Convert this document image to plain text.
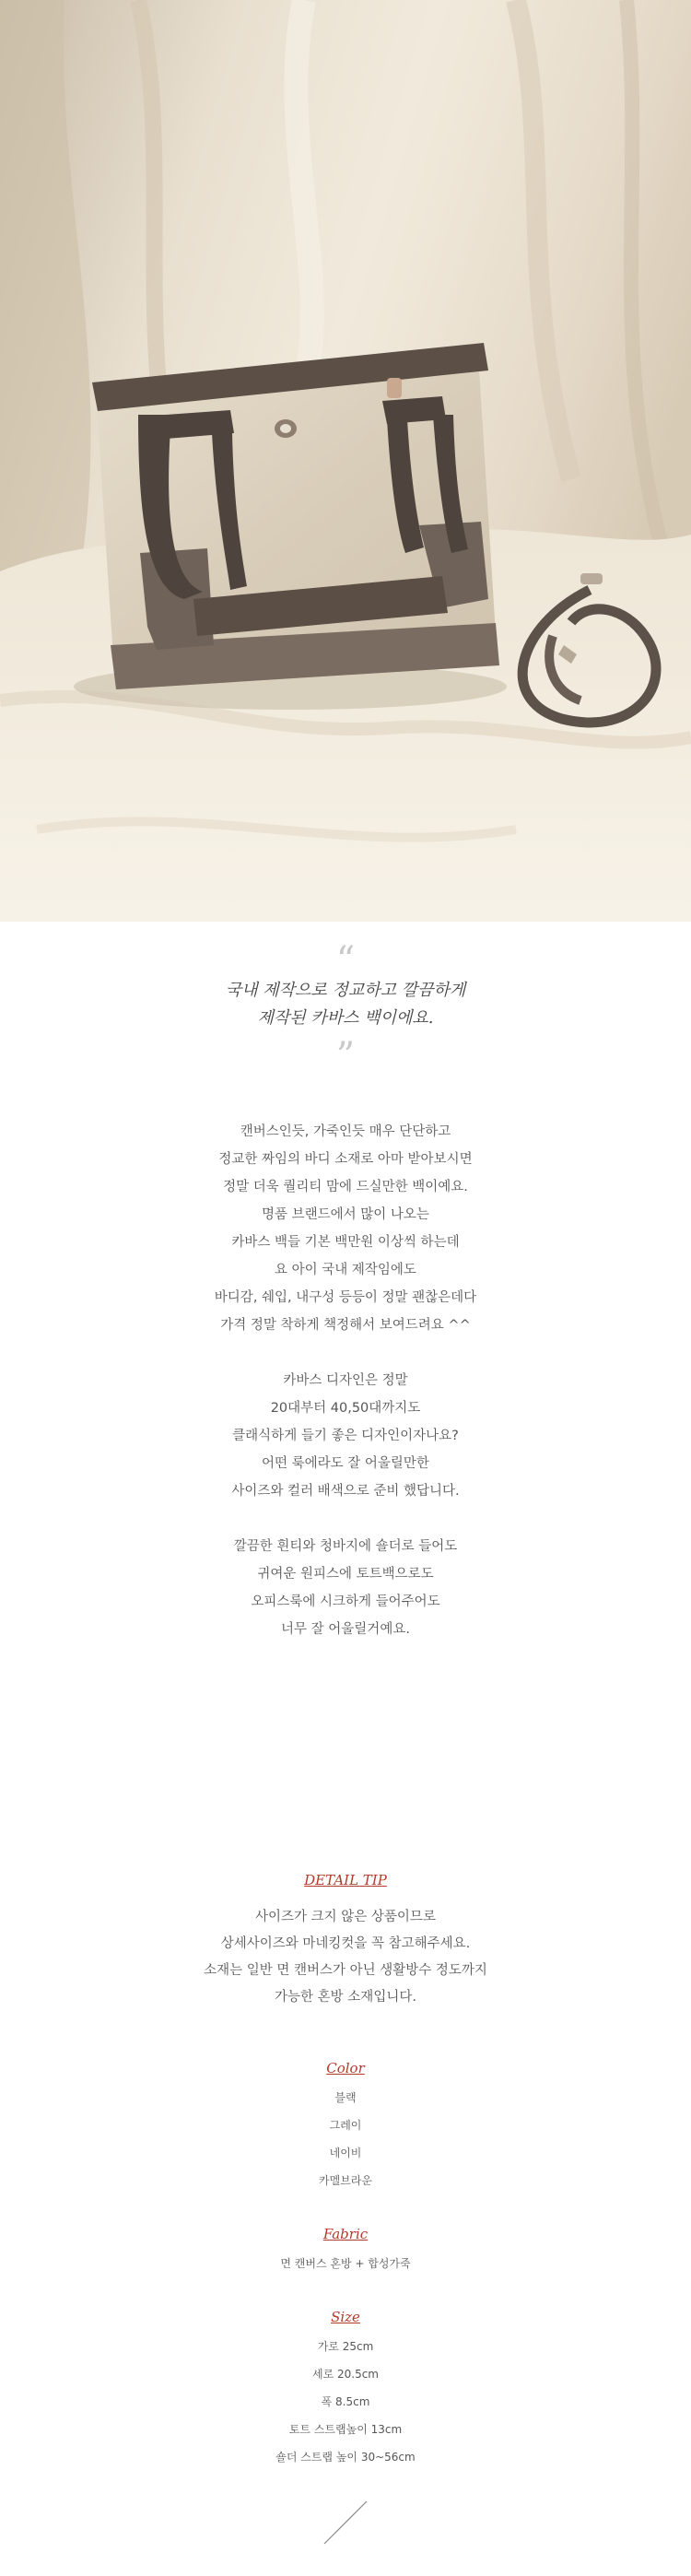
“
국내 제작으로 정교하고 깔끔하게
제작된 카바스 백이에요.
”
캔버스인듯, 가죽인듯 매우 단단하고
정교한 짜임의 바디 소재로 아마 받아보시면
정말 더욱 퀄리티 맘에 드실만한 백이예요.
명품 브랜드에서 많이 나오는
카바스 백들 기본 백만원 이상씩 하는데
요 아이 국내 제작임에도
바디감, 쉐입, 내구성 등등이 정말 괜찮은데다
가격 정말 착하게 책정해서 보여드려요 ^^
카바스 디자인은 정말
20대부터 40,50대까지도
클래식하게 들기 좋은 디자인이자나요?
어떤 룩에라도 잘 어울릴만한
사이즈와 컬러 배색으로 준비 했답니다.
깔끔한 흰티와 청바지에 숄더로 들어도
귀여운 원피스에 토트백으로도
오피스룩에 시크하게 들어주어도
너무 잘 어울릴거예요.
DETAIL TIP
사이즈가 크지 않은 상품이므로
상세사이즈와 마네킹컷을 꼭 참고해주세요.
소재는 일반 면 캔버스가 아닌 생활방수 정도까지
가능한 혼방 소재입니다.
Color
블랙
그레이
네이비
카멜브라운
Fabric
면 캔버스 혼방 + 합성가죽
Size
가로 25cm
세로 20.5cm
폭 8.5cm
토트 스트랩높이 13cm
숄더 스트랩 높이 30~56cm
